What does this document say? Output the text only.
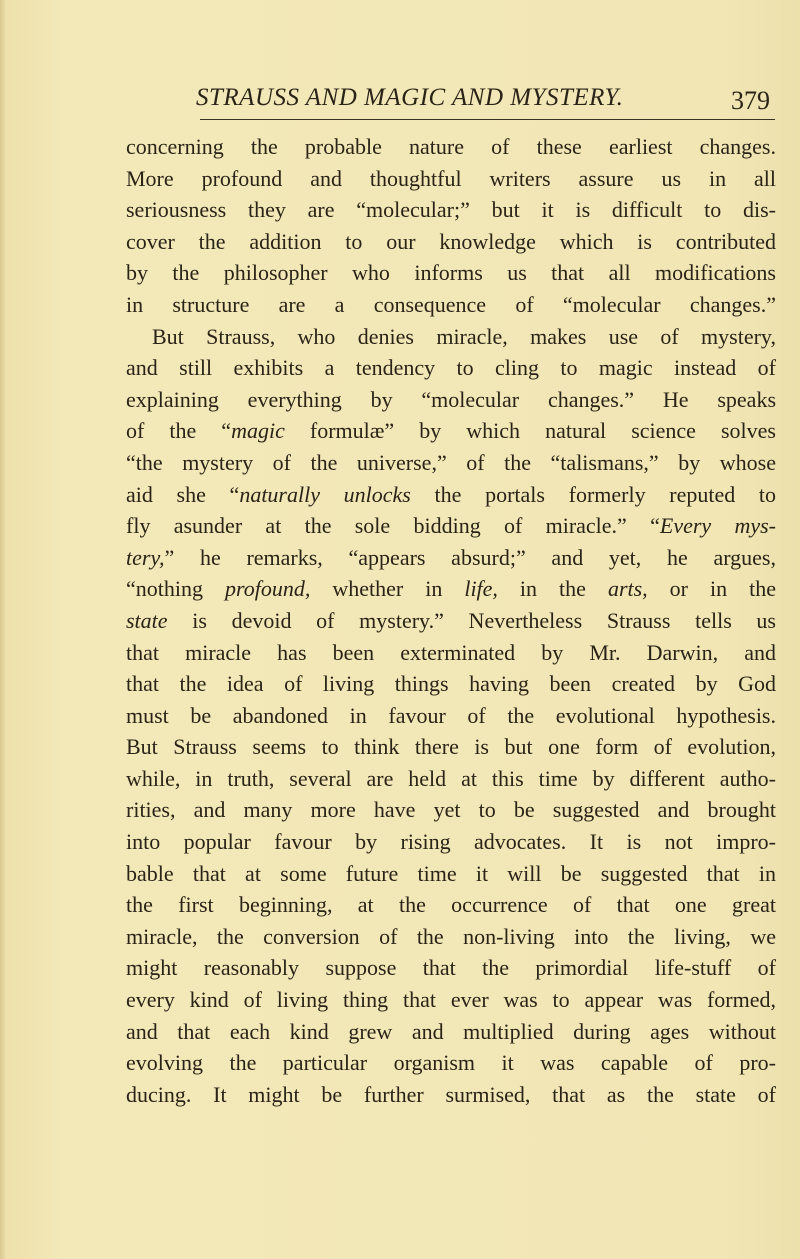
STRAUSS AND MAGIC AND MYSTERY.	379
concerning the probable nature of these earliest changes.
More profound and thoughtful writers assure us in all
seriousness they are “molecular;” but it is difficult to dis-
cover the addition to our knowledge which is contributed
by the philosopher who informs us that all modifications
in structure are a consequence of “molecular changes.”
But Strauss, who denies miracle, makes use of mystery,
and still exhibits a tendency to cling to magic instead of
explaining everything by “molecular changes.” He speaks
of the “magic formulæ” by which natural science solves
“the mystery of the universe,” of the “talismans,” by whose
aid she “naturally unlocks the portals formerly reputed to
fly asunder at the sole bidding of miracle.” “Every mys-
tery,” he remarks, “appears absurd;” and yet, he argues,
“nothing profound, whether in life, in the arts, or in the
state is devoid of mystery.” Nevertheless Strauss tells us
that miracle has been exterminated by Mr. Darwin, and
that the idea of living things having been created by God
must be abandoned in favour of the evolutional hypothesis.
But Strauss seems to think there is but one form of evolution,
while, in truth, several are held at this time by different autho-
rities, and many more have yet to be suggested and brought
into popular favour by rising advocates. It is not impro-
bable that at some future time it will be suggested that in
the first beginning, at the occurrence of that one great
miracle, the conversion of the non-living into the living, we
might reasonably suppose that the primordial life-stuff of
every kind of living thing that ever was to appear was formed,
and that each kind grew and multiplied during ages without
evolving the particular organism it was capable of pro-
ducing. It might be further surmised, that as the state of
